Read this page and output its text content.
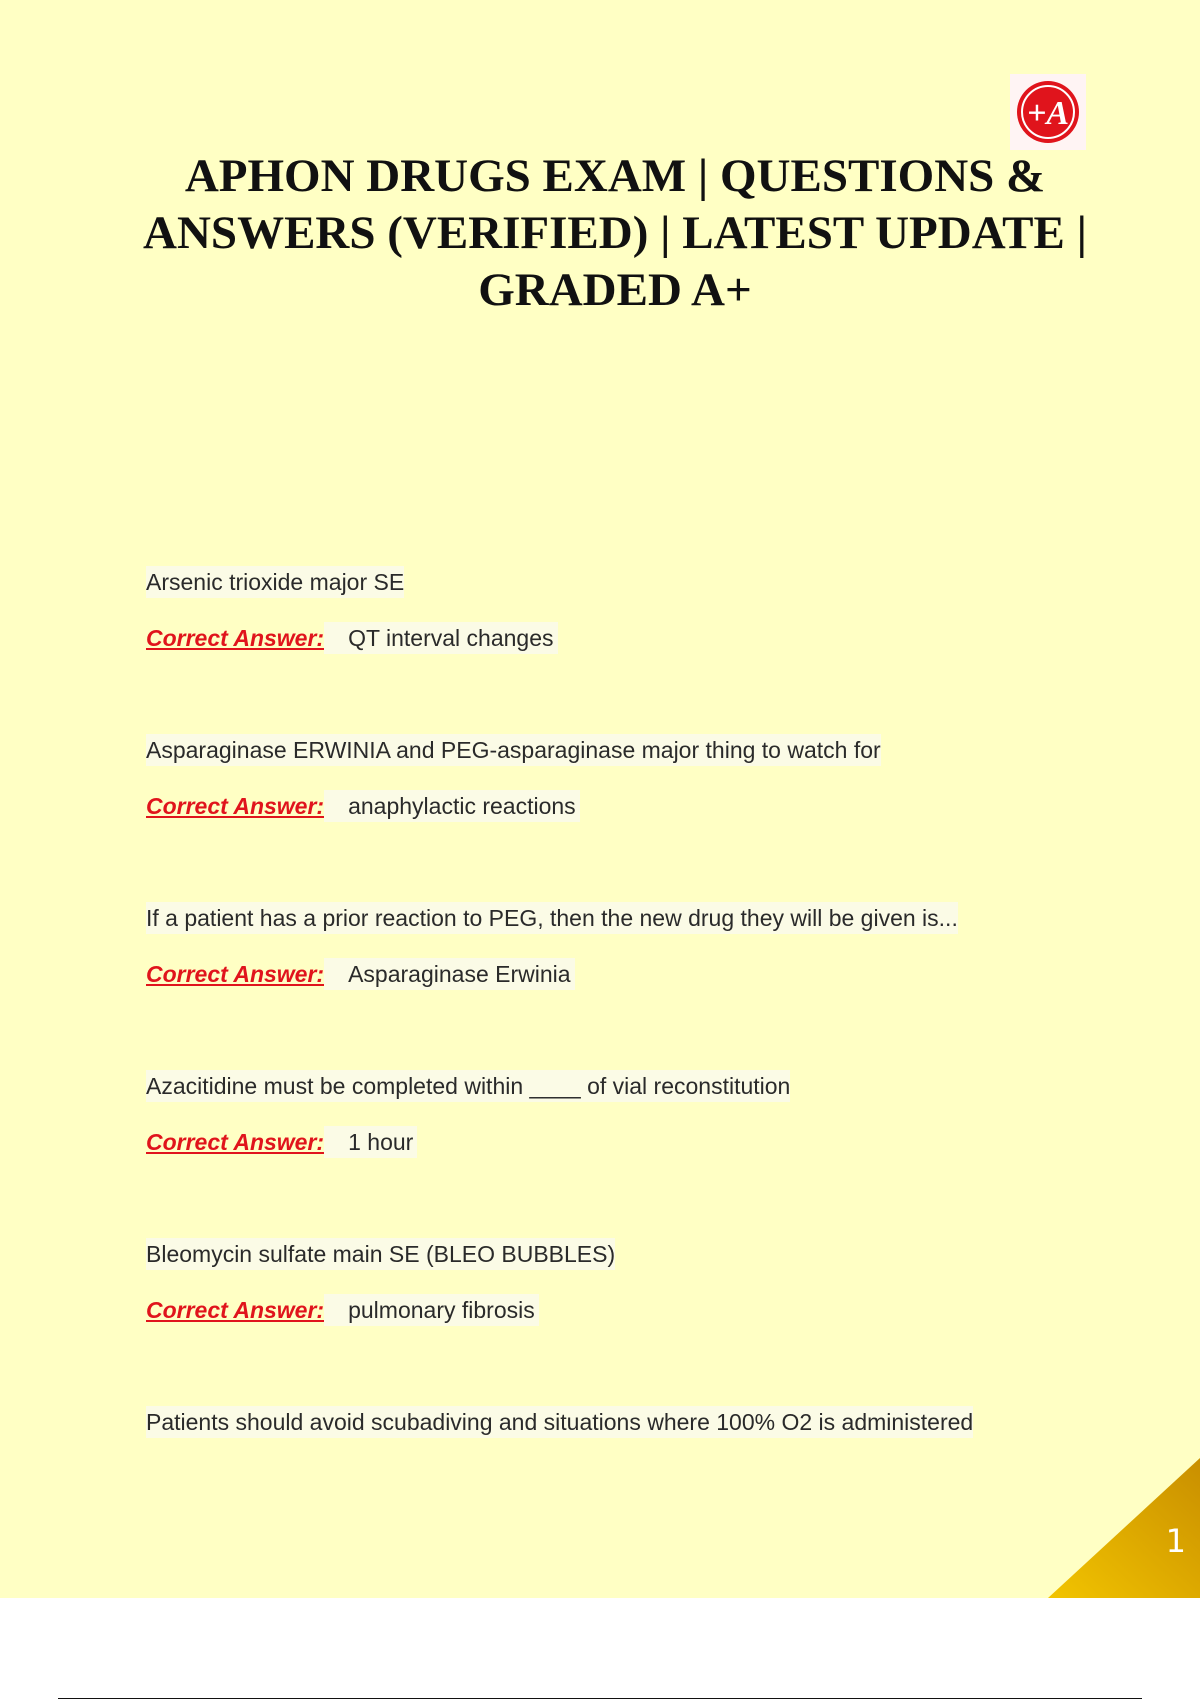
+A
APHON DRUGS EXAM | QUESTIONS & ANSWERS (VERIFIED) | LATEST UPDATE | GRADED A+
Arsenic trioxide major SE
Correct Answer: QT interval changes
Asparaginase ERWINIA and PEG-asparaginase major thing to watch for
Correct Answer: anaphylactic reactions
If a patient has a prior reaction to PEG, then the new drug they will be given is...
Correct Answer: Asparaginase Erwinia
Azacitidine must be completed within ____ of vial reconstitution
Correct Answer: 1 hour
Bleomycin sulfate main SE (BLEO BUBBLES)
Correct Answer: pulmonary fibrosis
Patients should avoid scubadiving and situations where 100% O2 is administered
1
